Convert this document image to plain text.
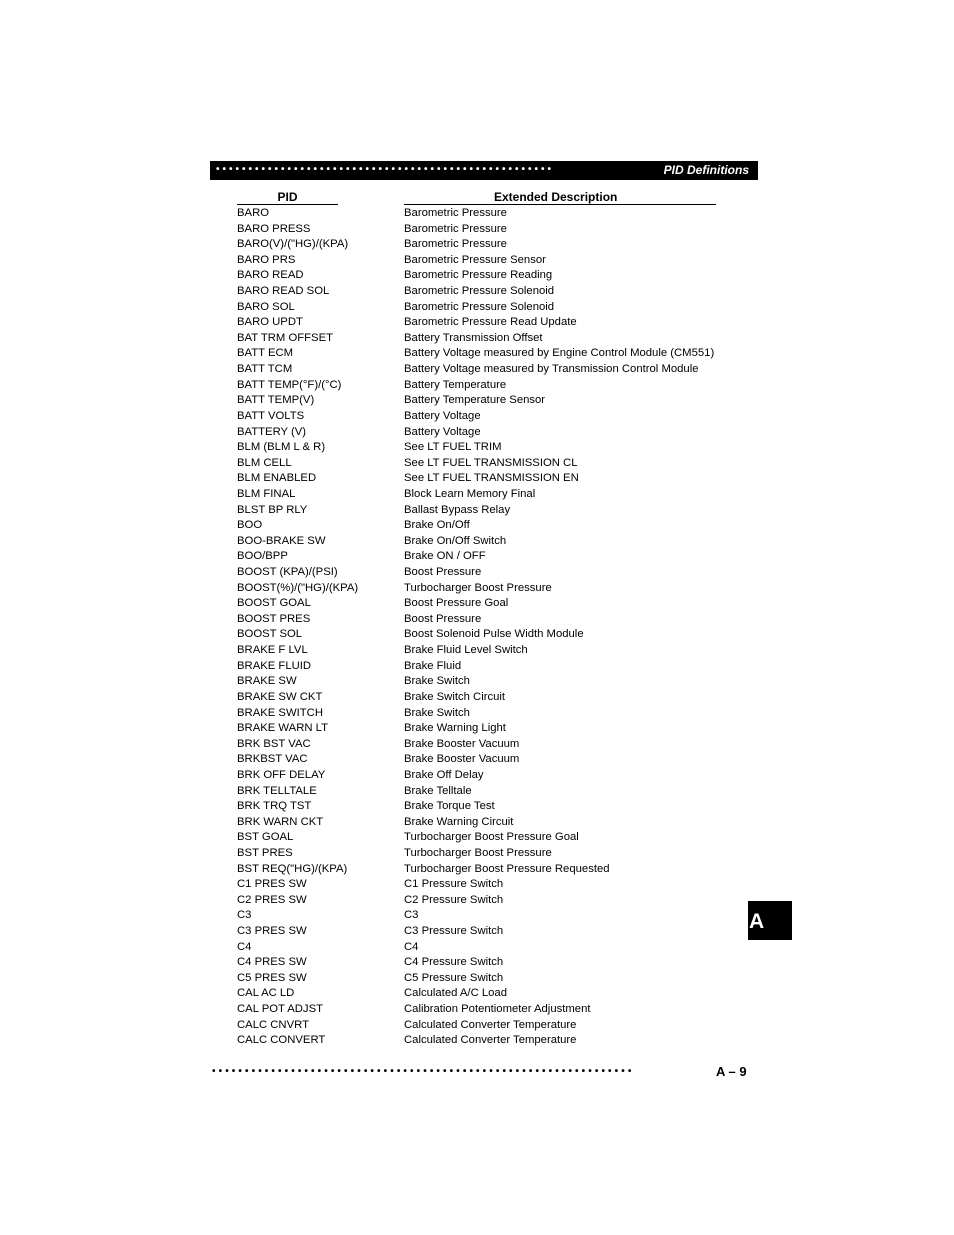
••••••••••••••••••••••••••••••••••••••••••••••••••••	PID Definitions
PID	Extended Description
BARO	Barometric Pressure
BARO PRESS	Barometric Pressure
BARO(V)/("HG)/(KPA)	Barometric Pressure
BARO PRS	Barometric Pressure Sensor
BARO READ	Barometric Pressure Reading
BARO READ SOL	Barometric Pressure Solenoid
BARO SOL	Barometric Pressure Solenoid
BARO UPDT	Barometric Pressure Read Update
BAT TRM OFFSET	Battery Transmission Offset
BATT ECM	Battery Voltage measured by Engine Control Module (CM551)
BATT TCM	Battery Voltage measured by Transmission Control Module
BATT TEMP(°F)/(°C)	Battery Temperature
BATT TEMP(V)	Battery Temperature Sensor
BATT VOLTS	Battery Voltage
BATTERY (V)	Battery Voltage
BLM (BLM L & R)	See LT FUEL TRIM
BLM CELL	See LT FUEL TRANSMISSION CL
BLM ENABLED	See LT FUEL TRANSMISSION EN
BLM FINAL	Block Learn Memory Final
BLST BP RLY	Ballast Bypass Relay
BOO	Brake On/Off
BOO-BRAKE SW	Brake On/Off Switch
BOO/BPP	Brake ON / OFF
BOOST (KPA)/(PSI)	Boost Pressure
BOOST(%)/("HG)/(KPA)	Turbocharger Boost Pressure
BOOST GOAL	Boost Pressure Goal
BOOST PRES	Boost Pressure
BOOST SOL	Boost Solenoid Pulse Width Module
BRAKE F LVL	Brake Fluid Level Switch
BRAKE FLUID	Brake Fluid
BRAKE SW	Brake Switch
BRAKE SW CKT	Brake Switch Circuit
BRAKE SWITCH	Brake Switch
BRAKE WARN LT	Brake Warning Light
BRK BST VAC	Brake Booster Vacuum
BRKBST VAC	Brake Booster Vacuum
BRK OFF DELAY	Brake Off Delay
BRK TELLTALE	Brake Telltale
BRK TRQ TST	Brake Torque Test
BRK WARN CKT	Brake Warning Circuit
BST GOAL	Turbocharger Boost Pressure Goal
BST PRES	Turbocharger Boost Pressure
BST REQ("HG)/(KPA)	Turbocharger Boost Pressure Requested
C1 PRES SW	C1 Pressure Switch
C2 PRES SW	C2 Pressure Switch
C3	C3
C3 PRES SW	C3 Pressure Switch
C4	C4
C4 PRES SW	C4 Pressure Switch
C5 PRES SW	C5 Pressure Switch
CAL AC LD	Calculated A/C Load
CAL POT ADJST	Calibration Potentiometer Adjustment
CALC CNVRT	Calculated Converter Temperature
CALC CONVERT	Calculated Converter Temperature
••••••••••••••••••••••••••••••••••••••••••••••••••••••••••••••••	A – 9
A
